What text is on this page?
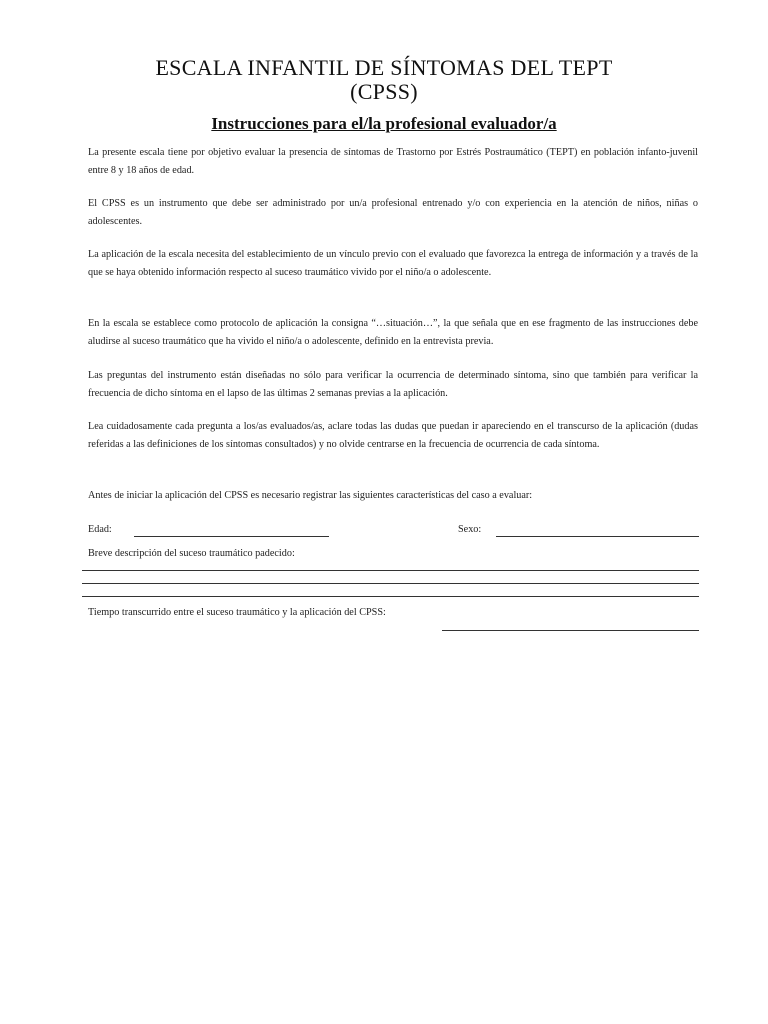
ESCALA INFANTIL DE SÍNTOMAS DEL TEPT
(CPSS)
Instrucciones para el/la profesional evaluador/a
La presente escala tiene por objetivo evaluar la presencia de síntomas de Trastorno por Estrés Postraumático (TEPT) en población infanto-juvenil entre 8 y 18 años de edad.
El CPSS es un instrumento que debe ser administrado por un/a profesional entrenado y/o con experiencia en la atención de niños, niñas o adolescentes.
La aplicación de la escala necesita del establecimiento de un vínculo previo con el evaluado que favorezca la entrega de información y a través de la que se haya obtenido información respecto al suceso traumático vivido por el niño/a o adolescente.
En la escala se establece como protocolo de aplicación la consigna “…situación…”, la que señala que en ese fragmento de las instrucciones debe aludirse al suceso traumático que ha vivido el niño/a o adolescente, definido en la entrevista previa.
Las preguntas del instrumento están diseñadas no sólo para verificar la ocurrencia de determinado síntoma, sino que también para verificar la frecuencia de dicho síntoma en el lapso de las últimas 2 semanas previas a la aplicación.
Lea cuidadosamente cada pregunta a los/as evaluados/as, aclare todas las dudas que puedan ir apareciendo en el transcurso de la aplicación (dudas referidas a las definiciones de los síntomas consultados) y no olvide centrarse en la frecuencia de ocurrencia de cada síntoma.
Antes de iniciar la aplicación del CPSS es necesario registrar las siguientes características del caso a evaluar:
Edad:	Sexo:
Breve descripción del suceso traumático padecido:
Tiempo transcurrido entre el suceso traumático y la aplicación del CPSS:
